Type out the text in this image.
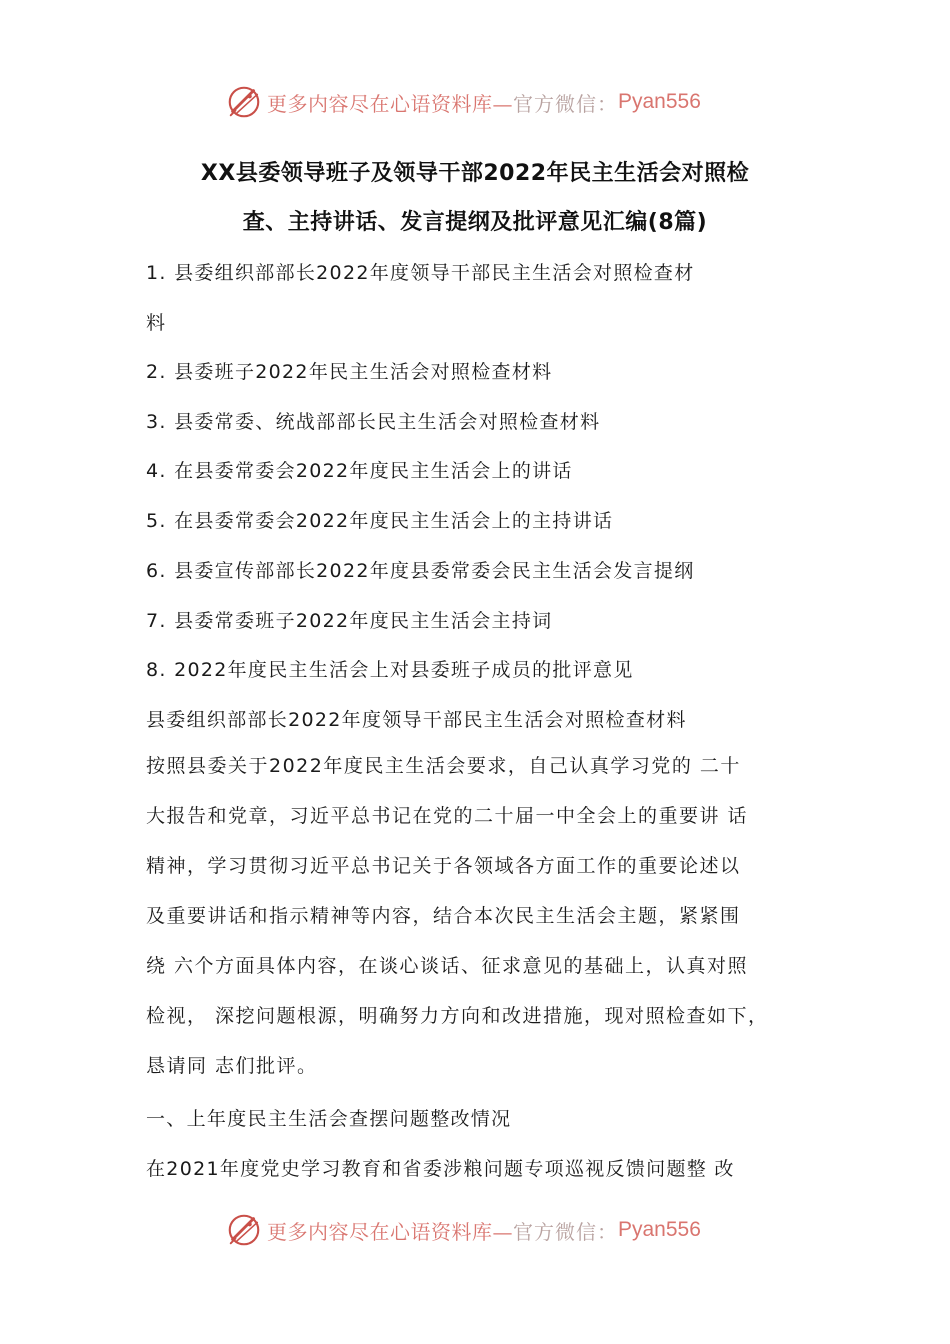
更多内容尽在心语资料库— 官方微信： Pyan556
XX县委领导班子及领导干部2022年民主生活会对照检
查、主持讲话、发言提纲及批评意见汇编(8篇)
1. 县委组织部部长2022年度领导干部民主生活会对照检查材
料
2. 县委班子2022年民主生活会对照检查材料
3. 县委常委、统战部部长民主生活会对照检查材料
4. 在县委常委会2022年度民主生活会上的讲话
5. 在县委常委会2022年度民主生活会上的主持讲话
6. 县委宣传部部长2022年度县委常委会民主生活会发言提纲
7. 县委常委班子2022年度民主生活会主持词
8. 2022年度民主生活会上对县委班子成员的批评意见
县委组织部部长2022年度领导干部民主生活会对照检查材料
按照县委关于2022年度民主生活会要求，自己认真学习党的 二十
大报告和党章，习近平总书记在党的二十届一中全会上的重要讲 话
精神，学习贯彻习近平总书记关于各领域各方面工作的重要论述以
及重要讲话和指示精神等内容，结合本次民主生活会主题，紧紧围
绕 六个方面具体内容，在谈心谈话、征求意见的基础上，认真对照
检视， 深挖问题根源，明确努力方向和改进措施，现对照检查如下，
恳请同 志们批评。
一、上年度民主生活会查摆问题整改情况
在2021年度党史学习教育和省委涉粮问题专项巡视反馈问题整 改
更多内容尽在心语资料库— 官方微信： Pyan556
